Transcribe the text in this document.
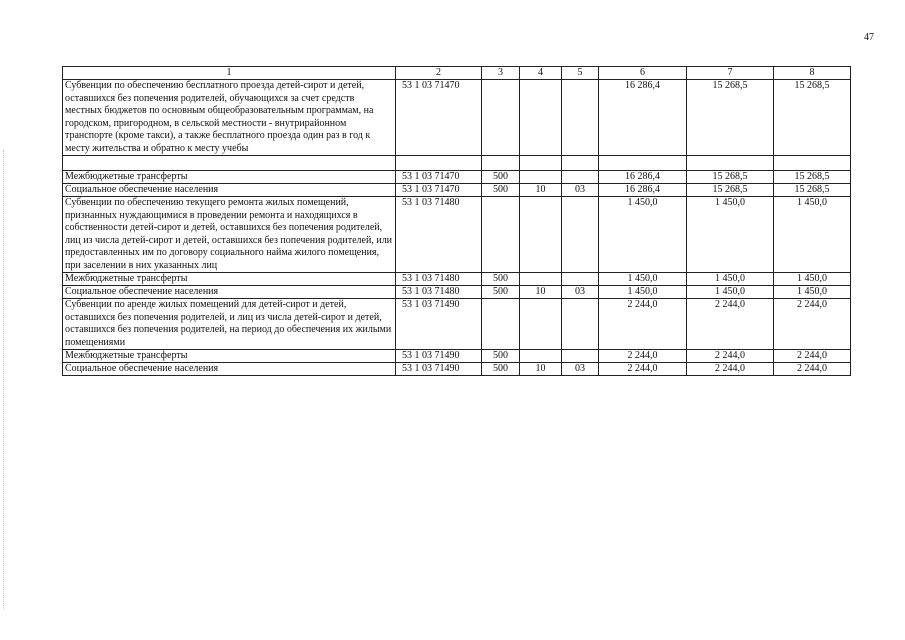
47
1	2	3	4	5	6	7	8
Субвенции по обеспечению бесплатного проезда детей-сирот и детей, оставшихся без попечения родителей, обучающихся за счет средств местных бюджетов по основным общеобразовательным программам, на городском, пригородном, в сельской местности - внутрирайонном транспорте (кроме такси), а также бесплатного проезда один раз в год к месту жительства и обратно к месту учебы	53 1 03 71470				16 286,4	15 268,5	15 268,5

Межбюджетные трансферты	53 1 03 71470	500			16 286,4	15 268,5	15 268,5
Социальное обеспечение населения	53 1 03 71470	500	10	03	16 286,4	15 268,5	15 268,5
Субвенции по обеспечению текущего ремонта жилых помещений, признанных нуждающимися в проведении ремонта и находящихся в собственности детей-сирот и детей, оставшихся без попечения родителей, лиц из числа детей-сирот и детей, оставшихся без попечения родителей, или предоставленных им по договору социального найма жилого помещения, при заселении в них указанных лиц	53 1 03 71480				1 450,0	1 450,0	1 450,0
Межбюджетные трансферты	53 1 03 71480	500			1 450,0	1 450,0	1 450,0
Социальное обеспечение населения	53 1 03 71480	500	10	03	1 450,0	1 450,0	1 450,0
Субвенции по аренде жилых помещений для детей-сирот и детей, оставшихся без попечения родителей, и лиц из числа детей-сирот и детей, оставшихся без попечения родителей, на период до обеспечения их жилыми помещениями	53 1 03 71490				2 244,0	2 244,0	2 244,0
Межбюджетные трансферты	53 1 03 71490	500			2 244,0	2 244,0	2 244,0
Социальное обеспечение населения	53 1 03 71490	500	10	03	2 244,0	2 244,0	2 244,0
